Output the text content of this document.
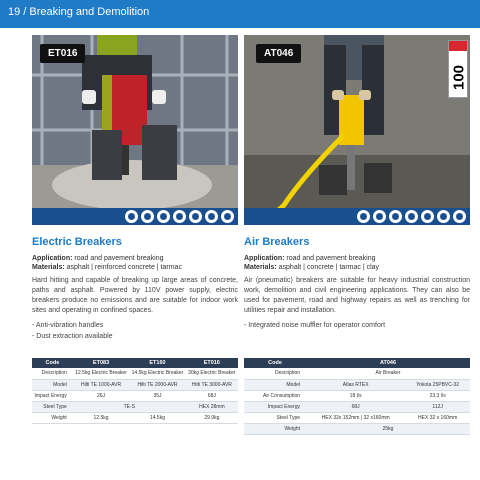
19 / Breaking and Demolition
ET016	AT046
100
Electric Breakers
Application: road and pavement breaking
Materials: asphalt | reinforced concrete | tarmac

Hard hitting and capable of breaking up large areas of concrete, paths and asphalt. Powered by 110V power supply, electric breakers produce no emissions and are suitable for indoor work sites and operating in confined spaces.

- Anti-vibration handles
- Dust extraction available
Air Breakers
Application: road and pavement breaking
Materials: asphalt | concrete | tarmac | clay

Air (pneumatic) breakers are suitable for heavy industrial construction work, demolition and civil engineering applications. They can also be used for pavement, road and highway repairs as well as trenching for utilities repair and installation.

- Integrated noise muffler for operator comfort
Code	ET083	ET160	ET016
Description	12.5kg Electric Breaker	14.5kg Electric Breaker	30kg Electric Breaker
Model	Hilti TE 1000-AVR	Hilti TE 2000-AVR	Hilti TE 3000-AVR
Impact Energy	26J	35J	68J
Steel Type	TE-S		HEX 28mm
Weight	12.5kg	14.5kg	29.9kg
Code	AT046	
Description	Air Breaker	
Model	Atlas RTEX	Yokota 25PBVC-32
Air Consumption	18 l/s	23.3 l/s
Impact Energy	68J	112J
Steel Type	HEX 32x 152mm | 32 x160mm	HEX 32 x 160mm
Weight	25kg	
